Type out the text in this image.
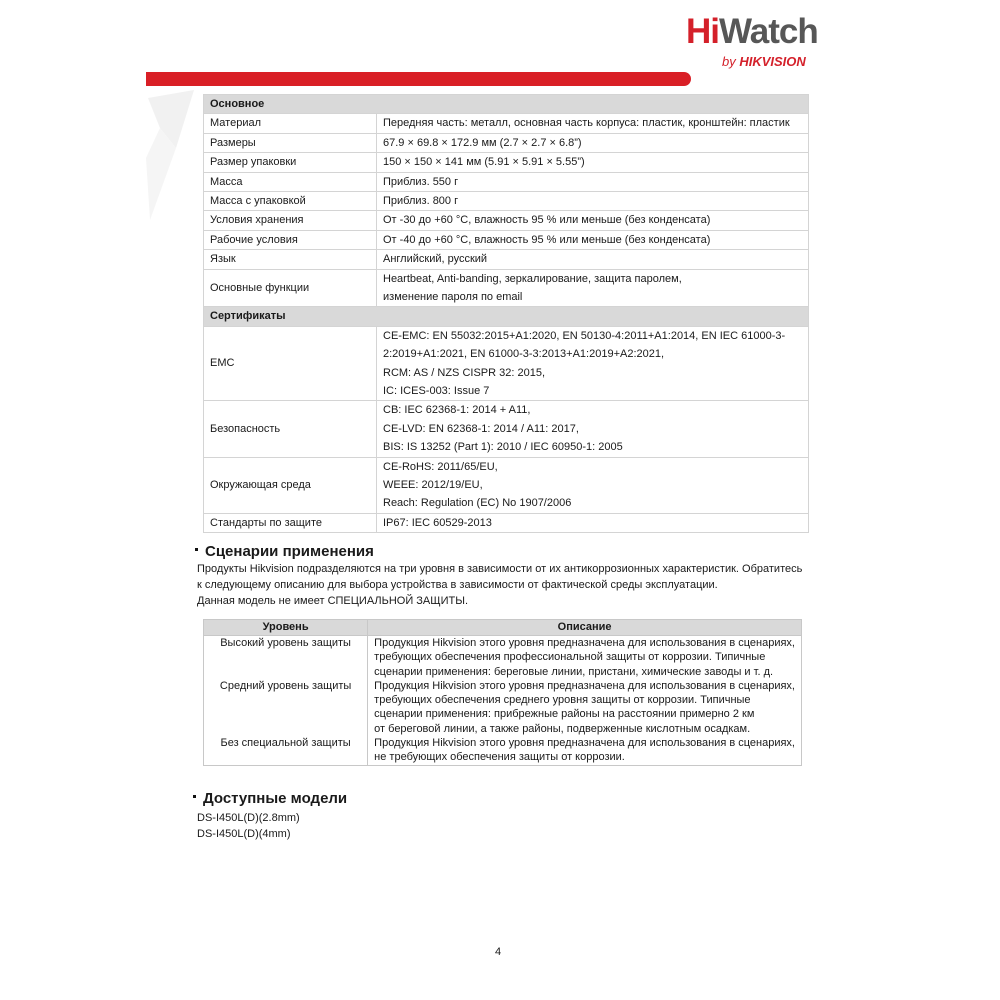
HiWatch
by HIKVISION
Основное	
Материал	Передняя часть: металл, основная часть корпуса: пластик, кронштейн: пластик
Размеры	67.9 × 69.8 × 172.9 мм (2.7 × 2.7 × 6.8”)
Размер упаковки	150 × 150 × 141 мм (5.91 × 5.91 × 5.55”)
Масса	Приблиз. 550 г
Масса с упаковкой	Приблиз. 800 г
Условия хранения	От -30 до +60 °C, влажность 95 % или меньше (без конденсата)
Рабочие условия	От -40 до +60 °C, влажность 95 % или меньше (без конденсата)
Язык	Английский, русский
Основные функции	Heartbeat, Anti-banding, зеркалирование, защита паролем,
изменение пароля по email

Сертификаты	
EMC	CE-EMC: EN 55032:2015+A1:2020, EN 50130-4:2011+A1:2014, EN IEC 61000-3-
2:2019+A1:2021, EN 61000-3-3:2013+A1:2019+A2:2021,
RCM: AS / NZS CISPR 32: 2015,
IC: ICES-003: Issue 7

Безопасность	CB: IEC 62368-1: 2014 + A11,
CE-LVD: EN 62368-1: 2014 / A11: 2017,
BIS: IS 13252 (Part 1): 2010 / IEC 60950-1: 2005

Окружающая среда	CE-RoHS: 2011/65/EU,
WEEE: 2012/19/EU,
Reach: Regulation (EC) No 1907/2006

Стандарты по защите	IP67: IEC 60529-2013
Сценарии применения
Продукты Hikvision подразделяются на три уровня в зависимости от их антикоррозионных характеристик. Обратитесь
к следующему описанию для выбора устройства в зависимости от фактической среды эксплуатации.
Данная модель не имеет СПЕЦИАЛЬНОЙ ЗАЩИТЫ.
Уровень	Описание

Высокий уровень защиты	Продукция Hikvision этого уровня предназначена для использования в сценариях,
требующих обеспечения профессиональной защиты от коррозии. Типичные
сценарии применения: береговые линии, пристани, химические заводы и т. д.

Средний уровень защиты	Продукция Hikvision этого уровня предназначена для использования в сценариях,
требующих обеспечения среднего уровня защиты от коррозии. Типичные
сценарии применения: прибрежные районы на расстоянии примерно 2 км
от береговой линии, а также районы, подверженные кислотным осадкам.

Без специальной защиты	Продукция Hikvision этого уровня предназначена для использования в сценариях,
не требующих обеспечения защиты от коррозии.
Доступные модели
DS-I450L(D)(2.8mm)
DS-I450L(D)(4mm)
4
